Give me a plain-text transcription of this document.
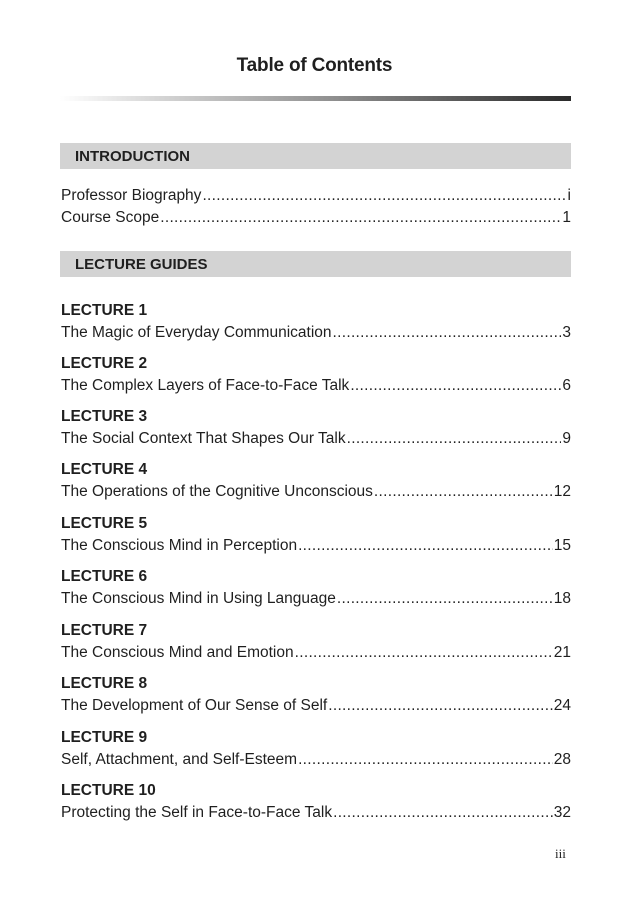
Table of Contents
INTRODUCTION
Professor Biography .....	i
Course Scope .....	1
LECTURE GUIDES
LECTURE 1
The Magic of Everyday Communication .....	3
LECTURE 2
The Complex Layers of Face-to-Face Talk .....	6
LECTURE 3
The Social Context That Shapes Our Talk .....	9
LECTURE 4
The Operations of the Cognitive Unconscious .....	12
LECTURE 5
The Conscious Mind in Perception .....	15
LECTURE 6
The Conscious Mind in Using Language .....	18
LECTURE 7
The Conscious Mind and Emotion .....	21
LECTURE 8
The Development of Our Sense of Self .....	24
LECTURE 9
Self, Attachment, and Self-Esteem .....	28
LECTURE 10
Protecting the Self in Face-to-Face Talk .....	32
iii
